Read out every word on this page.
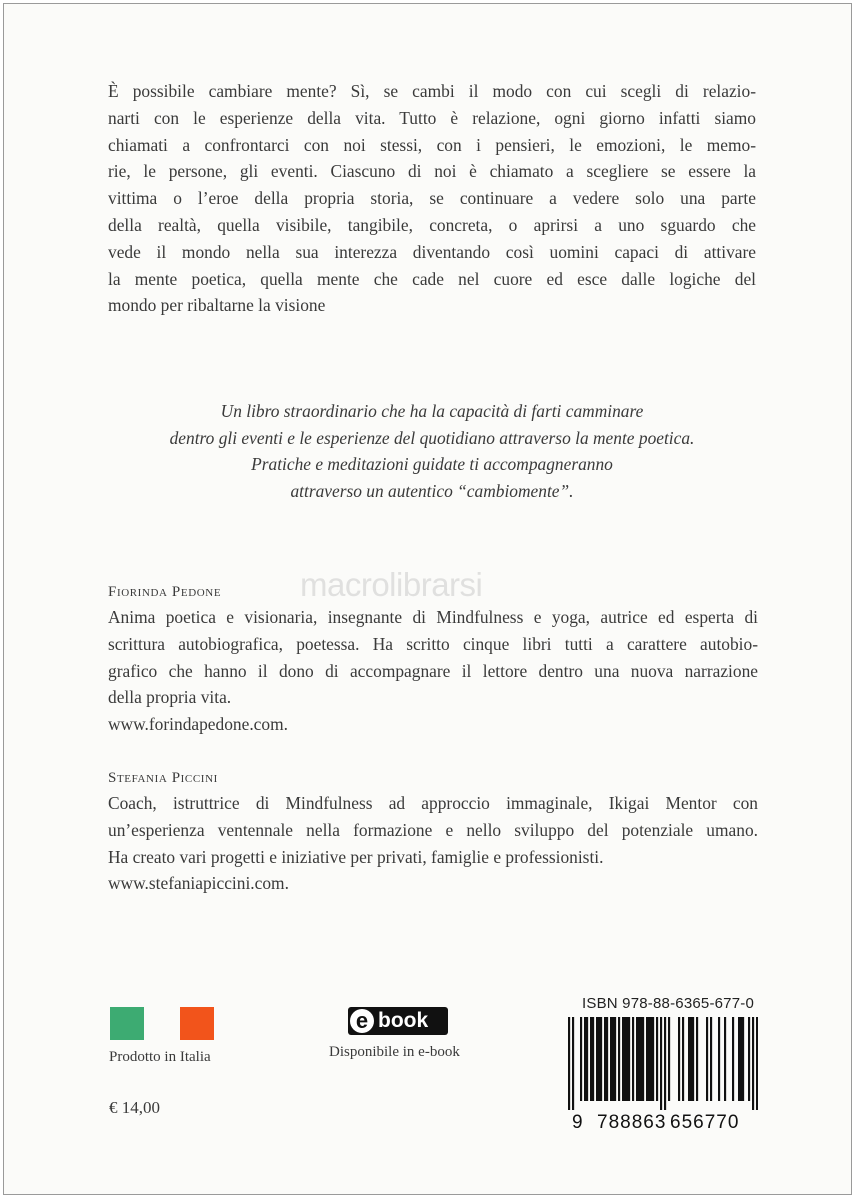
È possibile cambiare mente? Sì, se cambi il modo con cui scegli di relazio-
narti con le esperienze della vita. Tutto è relazione, ogni giorno infatti siamo
chiamati a confrontarci con noi stessi, con i pensieri, le emozioni, le memo-
rie, le persone, gli eventi. Ciascuno di noi è chiamato a scegliere se essere la
vittima o l’eroe della propria storia, se continuare a vedere solo una parte
della realtà, quella visibile, tangibile, concreta, o aprirsi a uno sguardo che
vede il mondo nella sua interezza diventando così uomini capaci di attivare
la mente poetica, quella mente che cade nel cuore ed esce dalle logiche del
mondo per ribaltarne la visione
Un libro straordinario che ha la capacità di farti camminare
dentro gli eventi e le esperienze del quotidiano attraverso la mente poetica.
Pratiche e meditazioni guidate ti accompagneranno
attraverso un autentico “cambiomente”.
macrolibrarsi
Fiorinda Pedone
Anima poetica e visionaria, insegnante di Mindfulness e yoga, autrice ed esperta di
scrittura autobiografica, poetessa. Ha scritto cinque libri tutti a carattere autobio-
grafico che hanno il dono di accompagnare il lettore dentro una nuova narrazione
della propria vita.
www.forindapedone.com.
Stefania Piccini
Coach, istruttrice di Mindfulness ad approccio immaginale, Ikigai Mentor con
un’esperienza ventennale nella formazione e nello sviluppo del potenziale umano.
Ha creato vari progetti e iniziative per privati, famiglie e professionisti.
www.stefaniapiccini.com.
Prodotto in Italia
€ 14,00
e book
Disponibile in e-book
ISBN 978-88-6365-677-0
9 788863 656770
